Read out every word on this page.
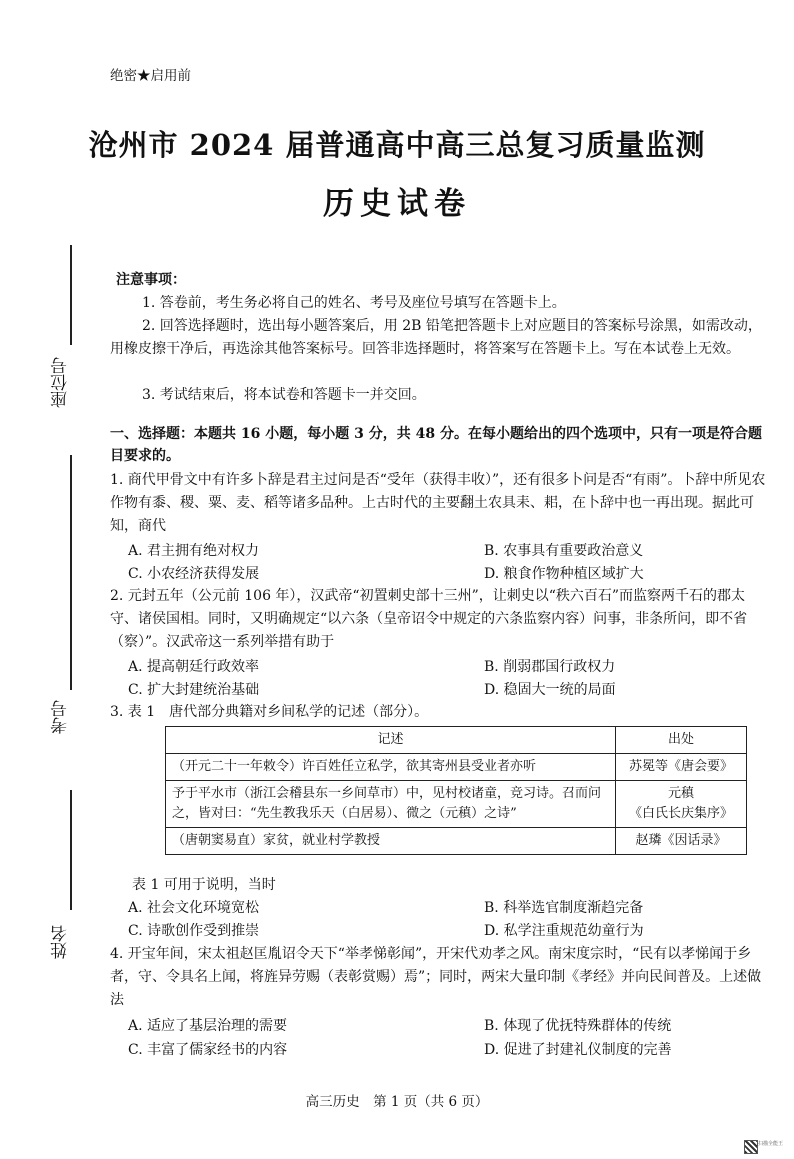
绝密★启用前
沧州市 2024 届普通高中高三总复习质量监测
历史试卷
座位号
考号
姓名
注意事项：
1. 答卷前，考生务必将自己的姓名、考号及座位号填写在答题卡上。
2. 回答选择题时，选出每小题答案后，用 2B 铅笔把答题卡上对应题目的答案标号涂黑，如需改动，用橡皮擦干净后，再选涂其他答案标号。回答非选择题时，将答案写在答题卡上。写在本试卷上无效。
3. 考试结束后，将本试卷和答题卡一并交回。
一、选择题：本题共 16 小题，每小题 3 分，共 48 分。在每小题给出的四个选项中，只有一项是符合题目要求的。
1. 商代甲骨文中有许多卜辞是君主过问是否“受年（获得丰收）”，还有很多卜问是否“有雨”。卜辞中所见农作物有黍、稷、粟、麦、稻等诸多品种。上古时代的主要翻土农具耒、耜，在卜辞中也一再出现。据此可知，商代
A. 君主拥有绝对权力	B. 农事具有重要政治意义
C. 小农经济获得发展	D. 粮食作物种植区域扩大
2. 元封五年（公元前 106 年），汉武帝“初置刺史部十三州”，让刺史以“秩六百石”而监察两千石的郡太守、诸侯国相。同时，又明确规定“以六条（皇帝诏令中规定的六条监察内容）问事，非条所问，即不省（察）”。汉武帝这一系列举措有助于
A. 提高朝廷行政效率	B. 削弱郡国行政权力
C. 扩大封建统治基础	D. 稳固大一统的局面
3. 表 1　唐代部分典籍对乡间私学的记述（部分）。
记述	出处
（开元二十一年敕令）许百姓任立私学，欲其寄州县受业者亦听	苏冕等《唐会要》
予于平水市（浙江会稽县东一乡间草市）中，见村校诸童，竞习诗。召而问之，皆对曰：“先生教我乐天（白居易）、微之（元稹）之诗”	元稹
《白氏长庆集序》
（唐朝窦易直）家贫，就业村学教授	赵璘《因话录》
表 1 可用于说明，当时
A. 社会文化环境宽松	B. 科举选官制度渐趋完备
C. 诗歌创作受到推崇	D. 私学注重规范幼童行为
4. 开宝年间，宋太祖赵匡胤诏令天下“举孝悌彰闻”，开宋代劝孝之风。南宋度宗时，“民有以孝悌闻于乡者，守、令具名上闻，将旌异劳赐（表彰赏赐）焉”；同时，两宋大量印制《孝经》并向民间普及。上述做法
A. 适应了基层治理的需要	B. 体现了优抚特殊群体的传统
C. 丰富了儒家经书的内容	D. 促进了封建礼仪制度的完善
高三历史　第 1 页（共 6 页）
扫描全能王
